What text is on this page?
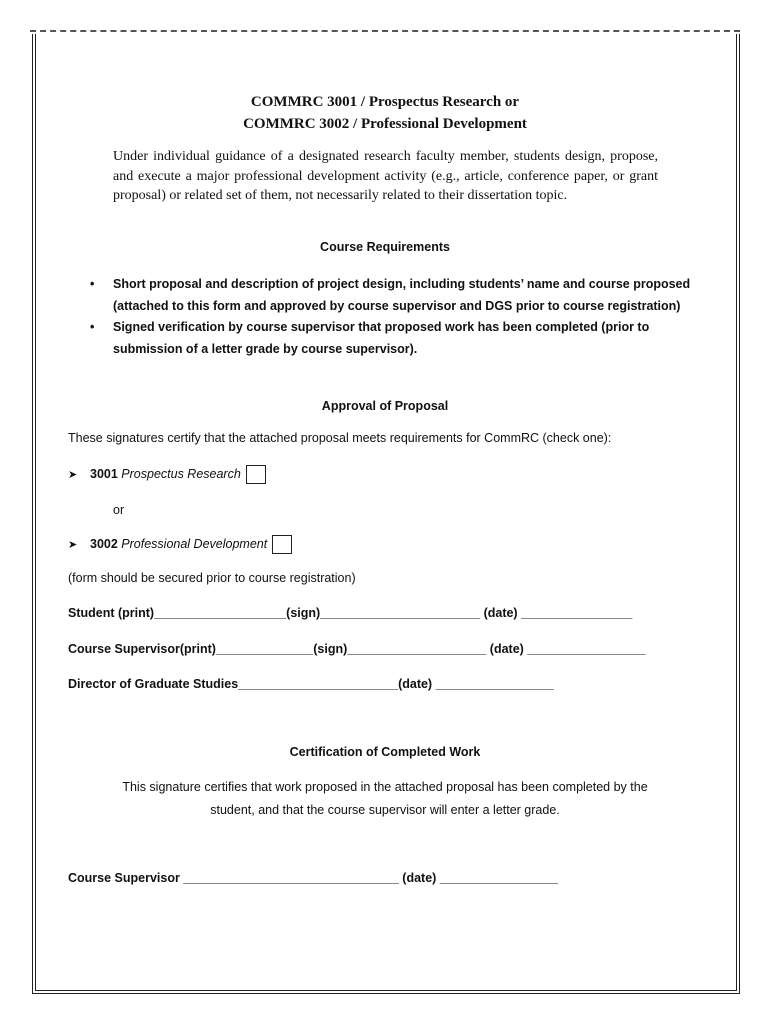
COMMRC 3001 / Prospectus Research or
COMMRC 3002 / Professional Development
Under individual guidance of a designated research faculty member, students design, propose, and execute a major professional development activity (e.g., article, conference paper, or grant proposal) or related set of them, not necessarily related to their dissertation topic.
Course Requirements
• Short proposal and description of project design, including students’ name and course proposed (attached to this form and approved by course supervisor and DGS prior to course registration)
• Signed verification by course supervisor that proposed work has been completed (prior to submission of a letter grade by course supervisor).
Approval of Proposal
These signatures certify that the attached proposal meets requirements for CommRC (check one):
➤ 3001 Prospectus Research
or
➤ 3002 Professional Development
(form should be secured prior to course registration)
Student (print)___________________(sign)_______________________ (date) ________________
Course Supervisor(print)______________(sign)____________________ (date) _________________
Director of Graduate Studies_______________________(date) _________________
Certification of Completed Work
This signature certifies that work proposed in the attached proposal has been completed by the
student, and that the course supervisor will enter a letter grade.
Course Supervisor _______________________________ (date) _________________
